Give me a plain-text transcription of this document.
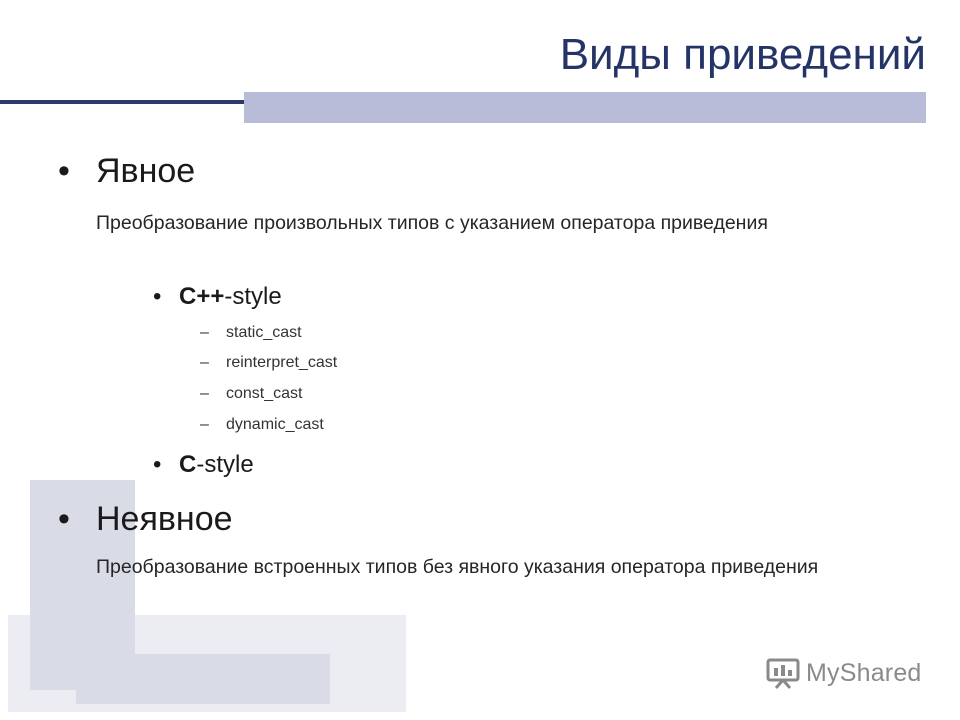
Виды приведений
• Явное
Преобразование произвольных типов с указанием оператора приведения
• C++-style
– static_cast
– reinterpret_cast
– const_cast
– dynamic_cast
• C-style
• Неявное
Преобразование встроенных типов без явного указания оператора приведения
MyShared
